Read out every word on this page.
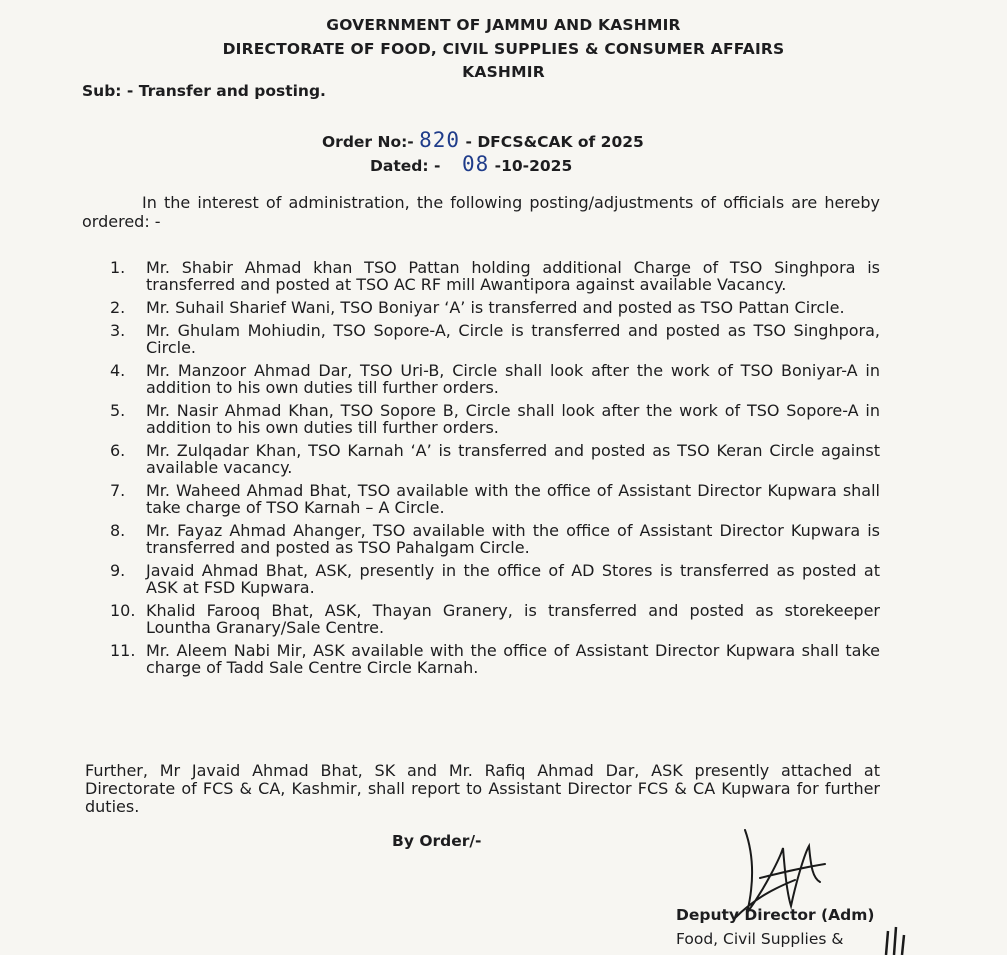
GOVERNMENT OF JAMMU AND KASHMIR
DIRECTORATE OF FOOD, CIVIL SUPPLIES & CONSUMER AFFAIRS
KASHMIR
Sub: - Transfer and posting.
Order No:- 820 - DFCS&CAK of 2025
Dated: - 08 -10-2025
In the interest of administration, the following posting/adjustments of officials are hereby ordered: -
1. Mr. Shabir Ahmad khan TSO Pattan holding additional Charge of TSO Singhpora is transferred and posted at TSO AC RF mill Awantipora against available Vacancy.
2. Mr. Suhail Sharief Wani, TSO Boniyar ‘A’ is transferred and posted as TSO Pattan Circle.
3. Mr. Ghulam Mohiudin, TSO Sopore-A, Circle is transferred and posted as TSO Singhpora, Circle.
4. Mr. Manzoor Ahmad Dar, TSO Uri-B, Circle shall look after the work of TSO Boniyar-A in addition to his own duties till further orders.
5. Mr. Nasir Ahmad Khan, TSO Sopore B, Circle shall look after the work of TSO Sopore-A in addition to his own duties till further orders.
6. Mr. Zulqadar Khan, TSO Karnah ‘A’ is transferred and posted as TSO Keran Circle against available vacancy.
7. Mr. Waheed Ahmad Bhat, TSO available with the office of Assistant Director Kupwara shall take charge of TSO Karnah – A Circle.
8. Mr. Fayaz Ahmad Ahanger, TSO available with the office of Assistant Director Kupwara is transferred and posted as TSO Pahalgam Circle.
9. Javaid Ahmad Bhat, ASK, presently in the office of AD Stores is transferred as posted at ASK at FSD Kupwara.
10. Khalid Farooq Bhat, ASK, Thayan Granery, is transferred and posted as storekeeper Lountha Granary/Sale Centre.
11. Mr. Aleem Nabi Mir, ASK available with the office of Assistant Director Kupwara shall take charge of Tadd Sale Centre Circle Karnah.
Further, Mr Javaid Ahmad Bhat, SK and Mr. Rafiq Ahmad Dar, ASK presently attached at Directorate of FCS & CA, Kashmir, shall report to Assistant Director FCS & CA Kupwara for further duties.
By Order/-
Deputy Director (Adm)
Food, Civil Supplies &
